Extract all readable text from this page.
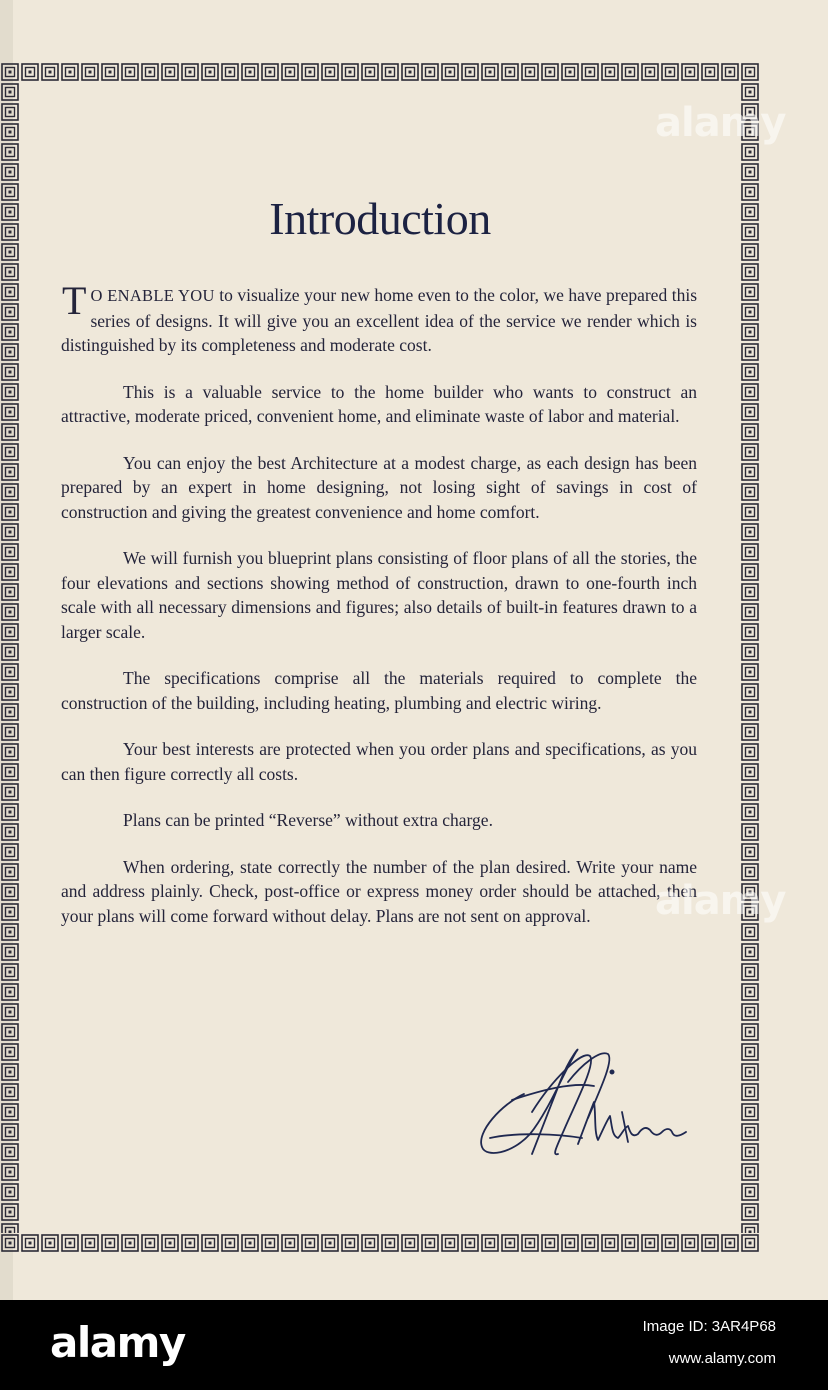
Introduction

T O ENABLE YOU to visualize your new home even to the color, we have prepared this series of designs. It will give you an excellent idea of the service we render which is distinguished by its completeness and moderate cost.

This is a valuable service to the home builder who wants to construct an attractive, moderate priced, convenient home, and eliminate waste of labor and material.

You can enjoy the best Architecture at a modest charge, as each design has been prepared by an expert in home designing, not losing sight of savings in cost of construction and giving the greatest convenience and home comfort.

We will furnish you blueprint plans consisting of floor plans of all the stories, the four elevations and sections showing method of construction, drawn to one-fourth inch scale with all necessary dimensions and figures; also details of built-in features drawn to a larger scale.

The specifications comprise all the materials required to complete the construction of the building, including heating, plumbing and electric wiring.

Your best interests are protected when you order plans and specifications, as you can then figure correctly all costs.

Plans can be printed “Reverse” without extra charge.

When ordering, state correctly the number of the plan desired. Write your name and address plainly. Check, post-office or express money order should be attached, then your plans will come forward without delay. Plans are not sent on approval.

alamy
alamy
alamy	Image ID: 3AR4P68
www.alamy.com
